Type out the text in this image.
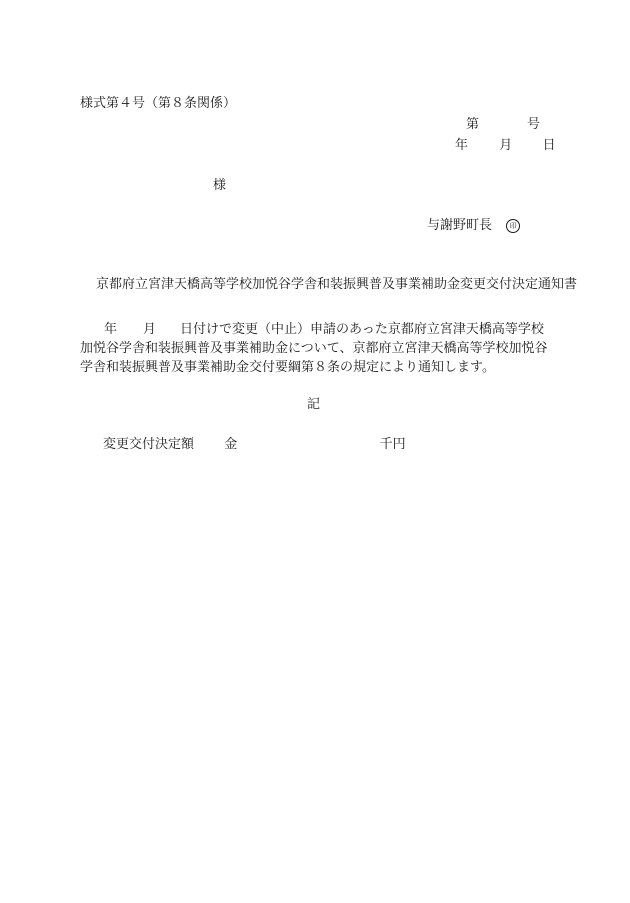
様式第４号（第８条関係）
第	号
年 月 日
様
与謝野町長	印
京都府立宮津天橋高等学校加悦谷学舎和装振興普及事業補助金変更交付決定通知書
年 月 日付けで変更（中止）申請のあった京都府立宮津天橋高等学校加悦谷学舎和装振興普及事業補助金について、京都府立宮津天橋高等学校加悦谷学舎和装振興普及事業補助金交付要綱第８条の規定により通知します。
記
変更交付決定額 金	千円
